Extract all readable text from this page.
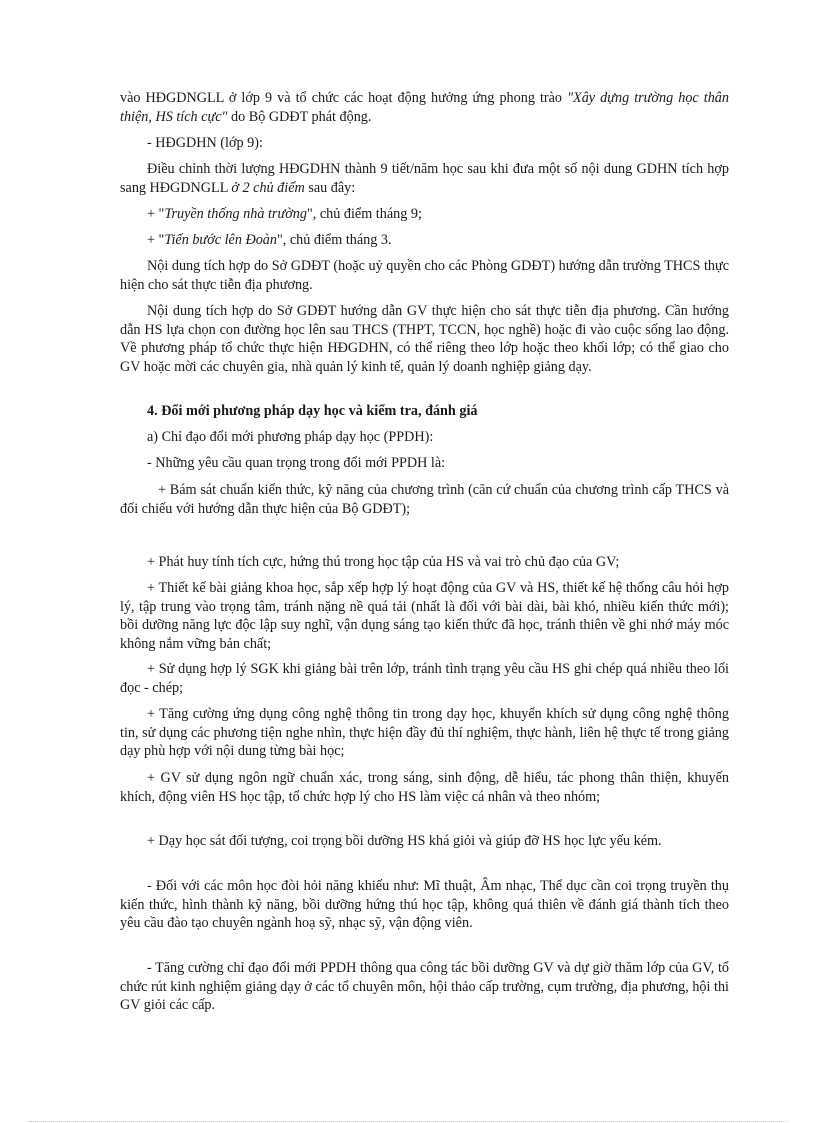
vào HĐGDNGLL ở lớp 9 và tổ chức các hoạt động hưởng ứng phong trào "Xây dựng trường học thân thiện, HS tích cực" do Bộ GDĐT phát động.

- HĐGDHN (lớp 9):

Điều chỉnh thời lượng HĐGDHN thành 9 tiết/năm học sau khi đưa một số nội dung GDHN tích hợp sang HĐGDNGLL ở 2 chủ điểm sau đây:

+ "Truyền thống nhà trường", chủ điểm tháng 9;

+ "Tiến bước lên Đoàn", chủ điểm tháng 3.

Nội dung tích hợp do Sở GDĐT (hoặc uỷ quyền cho các Phòng GDĐT) hướng dẫn trường THCS thực hiện cho sát thực tiễn địa phương.

Nội dung tích hợp do Sở GDĐT hướng dẫn GV thực hiện cho sát thực tiễn địa phương. Cần hướng dẫn HS lựa chọn con đường học lên sau THCS (THPT, TCCN, học nghề) hoặc đi vào cuộc sống lao động. Về phương pháp tổ chức thực hiện HĐGDHN, có thể riêng theo lớp hoặc theo khối lớp; có thể giao cho GV hoặc mời các chuyên gia, nhà quản lý kinh tế, quản lý doanh nghiệp giảng dạy.

4. Đổi mới phương pháp dạy học và kiểm tra, đánh giá

a) Chỉ đạo đổi mới phương pháp dạy học (PPDH):

- Những yêu cầu quan trọng trong đổi mới PPDH là:

+ Bám sát chuẩn kiến thức, kỹ năng của chương trình (căn cứ chuẩn của chương trình cấp THCS và đối chiếu với hướng dẫn thực hiện của Bộ GDĐT);

+ Phát huy tính tích cực, hứng thú trong học tập của HS và vai trò chủ đạo của GV;

+ Thiết kế bài giảng khoa học, sắp xếp hợp lý hoạt động của GV và HS, thiết kế hệ thống câu hỏi hợp lý, tập trung vào trọng tâm, tránh nặng nề quá tải (nhất là đối với bài dài, bài khó, nhiều kiến thức mới); bồi dưỡng năng lực độc lập suy nghĩ, vận dụng sáng tạo kiến thức đã học, tránh thiên về ghi nhớ máy móc không nắm vững bản chất;

+ Sử dụng hợp lý SGK khi giảng bài trên lớp, tránh tình trạng yêu cầu HS ghi chép quá nhiều theo lối đọc - chép;

+ Tăng cường ứng dụng công nghệ thông tin trong dạy học, khuyến khích sử dụng công nghệ thông tin, sử dụng các phương tiện nghe nhìn, thực hiện đầy đủ thí nghiệm, thực hành, liên hệ thực tế trong giảng dạy phù hợp với nội dung từng bài học;

+ GV sử dụng ngôn ngữ chuẩn xác, trong sáng, sinh động, dễ hiểu, tác phong thân thiện, khuyến khích, động viên HS học tập, tổ chức hợp lý cho HS làm việc cá nhân và theo nhóm;

+ Dạy học sát đối tượng, coi trọng bồi dưỡng HS khá giỏi và giúp đỡ HS học lực yếu kém.

- Đối với các môn học đòi hỏi năng khiếu như: Mĩ thuật, Âm nhạc, Thể dục cần coi trọng truyền thụ kiến thức, hình thành kỹ năng, bồi dưỡng hứng thú học tập, không quá thiên về đánh giá thành tích theo yêu cầu đào tạo chuyên ngành hoạ sỹ, nhạc sỹ, vận động viên.

- Tăng cường chỉ đạo đổi mới PPDH thông qua công tác bồi dưỡng GV và dự giờ thăm lớp của GV, tổ chức rút kinh nghiệm giảng dạy ở các tổ chuyên môn, hội thảo cấp trường, cụm trường, địa phương, hội thi GV giỏi các cấp.
